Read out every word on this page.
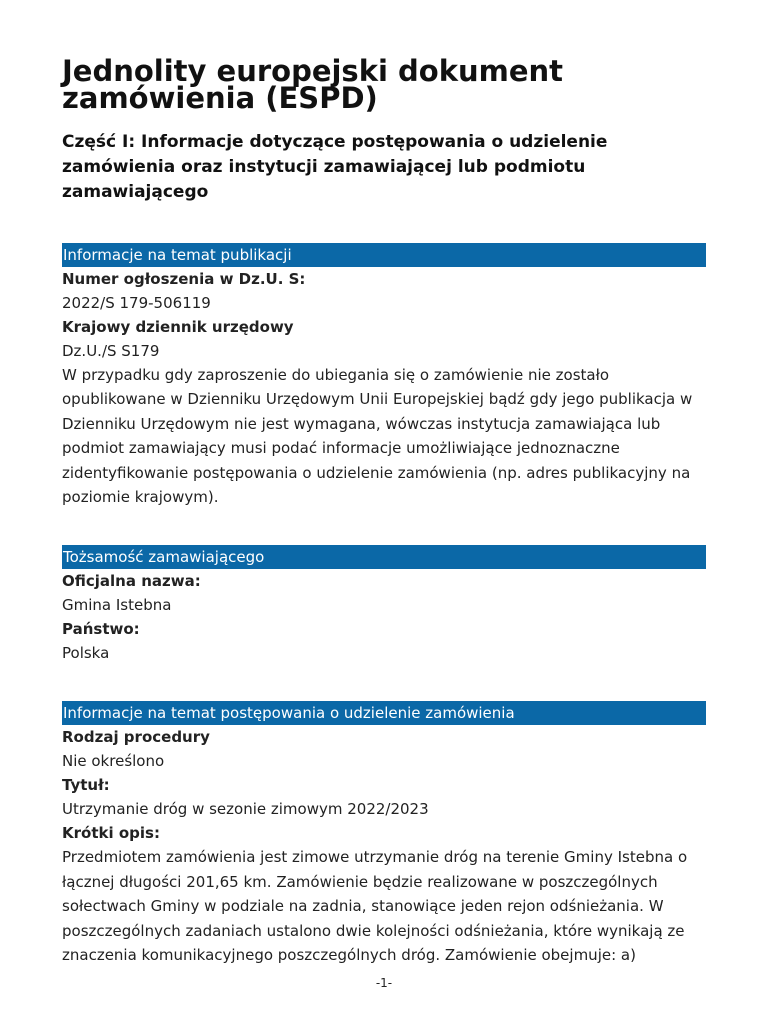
Jednolity europejski dokument zamówienia (ESPD)
Część I: Informacje dotyczące postępowania o udzielenie zamówienia oraz instytucji zamawiającej lub podmiotu zamawiającego
Informacje na temat publikacji
Numer ogłoszenia w Dz.U. S:
2022/S 179-506119
Krajowy dziennik urzędowy
Dz.U./S S179
W przypadku gdy zaproszenie do ubiegania się o zamówienie nie zostało opublikowane w Dzienniku Urzędowym Unii Europejskiej bądź gdy jego publikacja w Dzienniku Urzędowym nie jest wymagana, wówczas instytucja zamawiająca lub podmiot zamawiający musi podać informacje umożliwiające jednoznaczne zidentyfikowanie postępowania o udzielenie zamówienia (np. adres publikacyjny na poziomie krajowym).
Tożsamość zamawiającego
Oficjalna nazwa:
Gmina Istebna
Państwo:
Polska
Informacje na temat postępowania o udzielenie zamówienia
Rodzaj procedury
Nie określono
Tytuł:
Utrzymanie dróg w sezonie zimowym 2022/2023
Krótki opis:
Przedmiotem zamówienia jest zimowe utrzymanie dróg na terenie Gminy Istebna o łącznej długości 201,65 km. Zamówienie będzie realizowane w poszczególnych sołectwach Gminy w podziale na zadnia, stanowiące jeden rejon odśnieżania. W poszczególnych zadaniach ustalono dwie kolejności odśnieżania, które wynikają ze znaczenia komunikacyjnego poszczególnych dróg. Zamówienie obejmuje: a)
-1-
